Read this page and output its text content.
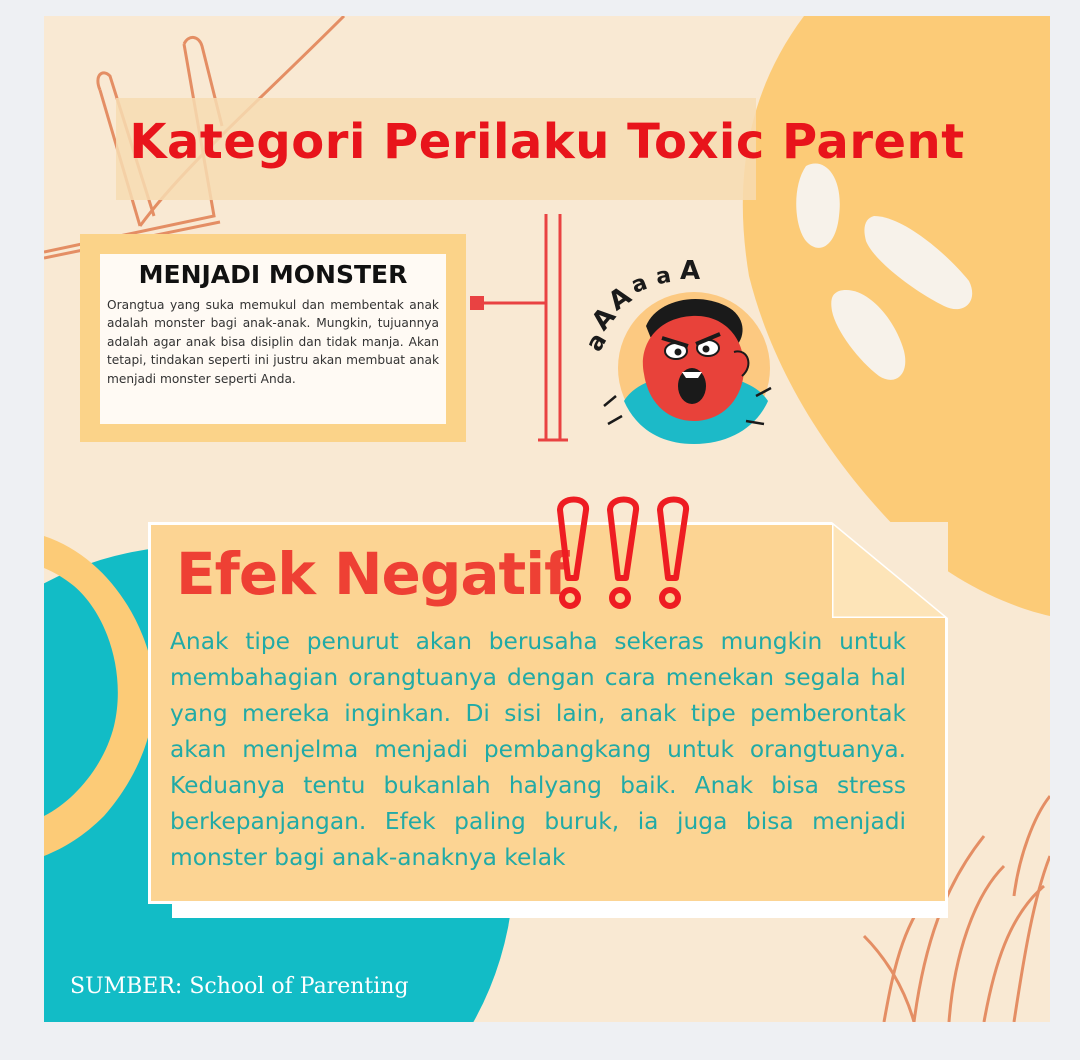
Kategori Perilaku Toxic Parent
MENJADI MONSTER

Orangtua yang suka memukul dan membentak anak adalah monster bagi anak-anak. Mungkin, tujuannya adalah agar anak bisa disiplin dan tidak manja. Akan tetapi, tindakan seperti ini justru akan membuat anak menjadi monster seperti Anda.

a
A
A
a a A
Efek Negatif

Anak tipe penurut akan berusaha sekeras mungkin untuk membahagian orangtuanya dengan cara menekan segala hal yang mereka inginkan. Di sisi lain, anak tipe pemberontak akan menjelma menjadi pembangkang untuk orangtuanya. Keduanya tentu bukanlah halyang baik. Anak bisa stress berkepanjangan. Efek paling buruk, ia juga bisa menjadi monster bagi anak-anaknya kelak

SUMBER: School of Parenting
